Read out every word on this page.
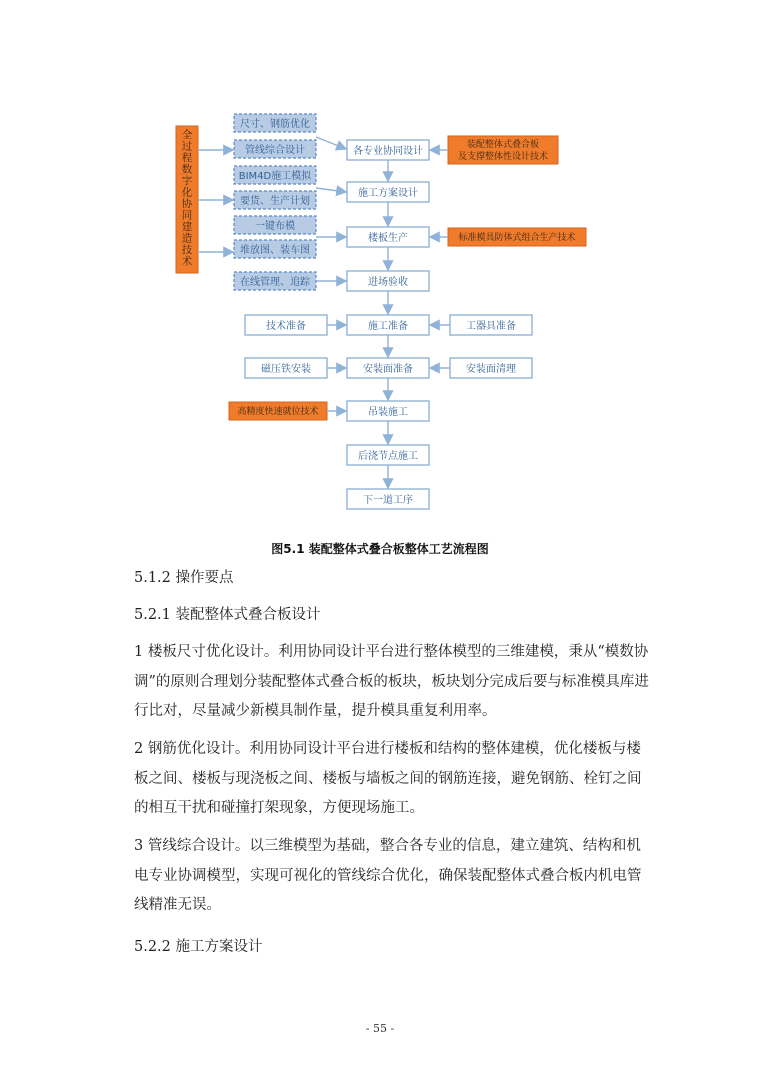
全过程数字化协同建造技术
尺寸、钢筋优化
管线综合设计
BIM4D施工模拟
要货、生产计划
一键布模
堆放图、装车图
在线管理、追踪
各专业协同设计
施工方案设计
楼板生产
进场验收
施工准备
安装面准备
吊装施工
后浇节点施工
下一道工序
装配整体式叠合板
及支撑整体性设计技术
标准模具防体式组合生产技术
技术准备	工器具准备
磁压铁安装	安装面清理
高精度快速就位技术
图5.1 装配整体式叠合板整体工艺流程图

5.1.2 操作要点

5.2.1 装配整体式叠合板设计

1 楼板尺寸优化设计。利用协同设计平台进行整体模型的三维建模，秉从“模数协调”的原则合理划分装配整体式叠合板的板块，板块划分完成后要与标准模具库进行比对，尽量减少新模具制作量，提升模具重复利用率。

2 钢筋优化设计。利用协同设计平台进行楼板和结构的整体建模，优化楼板与楼板之间、楼板与现浇板之间、楼板与墙板之间的钢筋连接，避免钢筋、栓钉之间的相互干扰和碰撞打架现象，方便现场施工。

3 管线综合设计。以三维模型为基础，整合各专业的信息，建立建筑、结构和机电专业协调模型，实现可视化的管线综合优化，确保装配整体式叠合板内机电管线精准无误。

5.2.2 施工方案设计

- 55 -
